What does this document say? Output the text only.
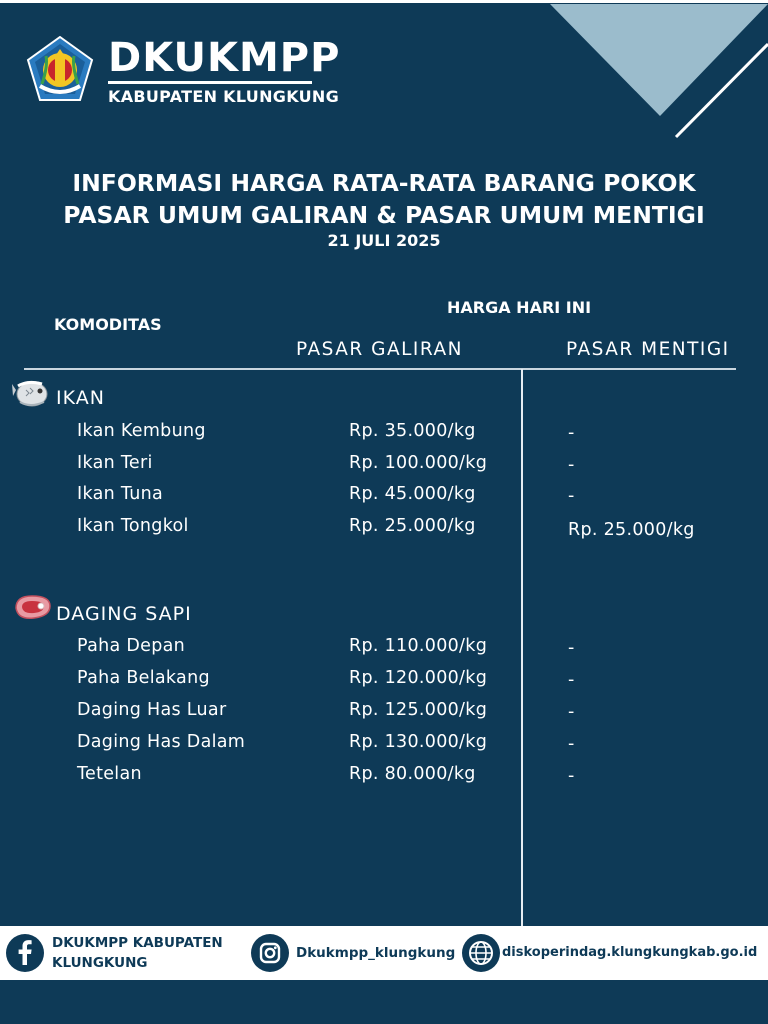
DKUKMPP
KABUPATEN KLUNGKUNG
INFORMASI HARGA RATA-RATA BARANG POKOK
PASAR UMUM GALIRAN & PASAR UMUM MENTIGI
21 JULI 2025
KOMODITAS
HARGA HARI INI
PASAR GALIRAN	PASAR MENTIGI
IKAN
Ikan Kembung	Rp. 35.000/kg	-
Ikan Teri	Rp. 100.000/kg	-
Ikan Tuna	Rp. 45.000/kg	-
Ikan Tongkol	Rp. 25.000/kg	Rp. 25.000/kg
DAGING SAPI
Paha Depan	Rp. 110.000/kg	-
Paha Belakang	Rp. 120.000/kg	-
Daging Has Luar	Rp. 125.000/kg	-
Daging Has Dalam	Rp. 130.000/kg	-
Tetelan	Rp. 80.000/kg	-
DKUKMPP KABUPATEN
KLUNGKUNG
Dkukmpp_klungkung	diskoperindag.klungkungkab.go.id
